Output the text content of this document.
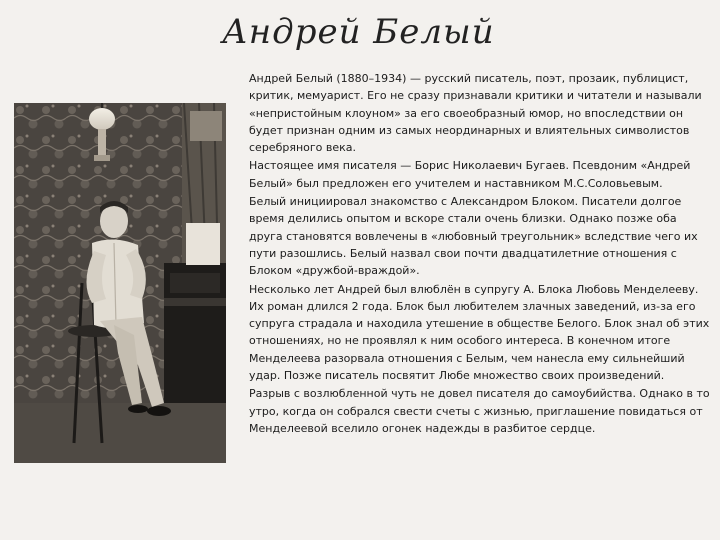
Андрей Белый

Андрей Белый (1880–1934) — русский писатель, поэт, прозаик, публицист, критик, мемуарист. Его не сразу признавали критики и читатели и называли «непристойным клоуном» за его своеобразный юмор, но впоследствии он будет признан одним из самых неординарных и влиятельных символистов серебряного века.

Настоящее имя писателя — Борис Николаевич Бугаев. Псевдоним «Андрей Белый» был предложен его учителем и наставником М.С.Соловьевым.

Белый инициировал знакомство с Александром Блоком. Писатели долгое время делились опытом и вскоре стали очень близки. Однако позже оба друга становятся вовлечены в «любовный треугольник» вследствие чего их пути разошлись. Белый назвал свои почти двадцатилетние отношения с Блоком «дружбой-враждой».

Несколько лет Андрей был влюблён в супругу А. Блока Любовь Менделееву. Их роман длился 2 года. Блок был любителем злачных заведений, из-за его супруга страдала и находила утешение в обществе Белого. Блок знал об этих отношениях, но не проявлял к ним особого интереса. В конечном итоге Менделеева разорвала отношения с Белым, чем нанесла ему сильнейший удар. Позже писатель посвятит Любе множество своих произведений.

Разрыв с возлюбленной чуть не довел писателя до самоубийства. Однако в то утро, когда он собрался свести счеты с жизнью, приглашение повидаться от Менделеевой вселило огонек надежды в разбитое сердце.
